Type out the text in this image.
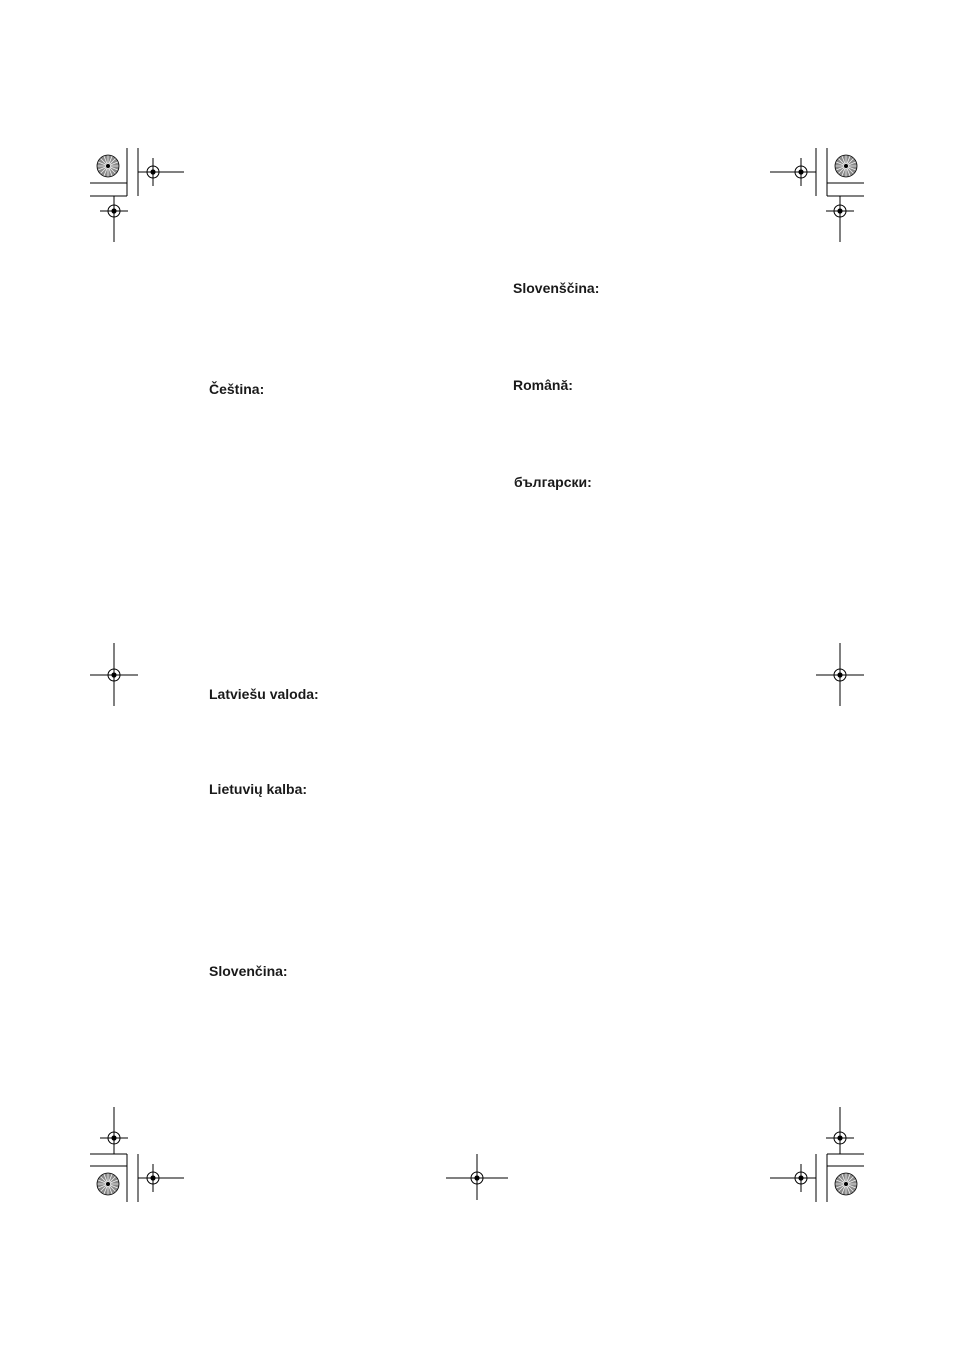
Čeština:
Latviešu valoda:
Lietuvių kalba:
Slovenčina:
Slovenščina:
Română:
български:
